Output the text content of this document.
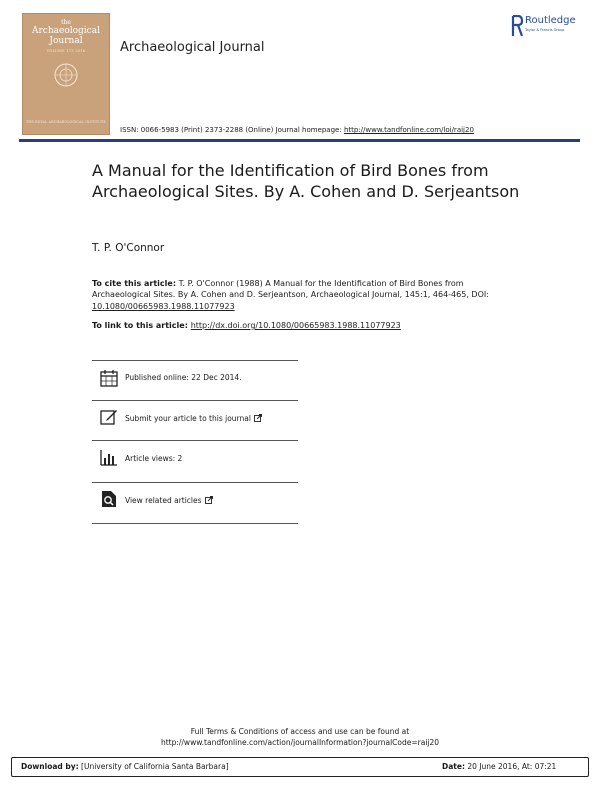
the
Archaeological
Journal
VOLUME 173 2016
THE ROYAL ARCHAEOLOGICAL INSTITUTE
Archaeological Journal
Routledge
Taylor & Francis Group
ISSN: 0066-5983 (Print) 2373-2288 (Online) Journal homepage: http://www.tandfonline.com/loi/raij20
A Manual for the Identification of Bird Bones from Archaeological Sites. By A. Cohen and D. Serjeantson
T. P. O'Connor
To cite this article: T. P. O'Connor (1988) A Manual for the Identification of Bird Bones from Archaeological Sites. By A. Cohen and D. Serjeantson, Archaeological Journal, 145:1, 464-465, DOI: 10.1080/00665983.1988.11077923
To link to this article: http://dx.doi.org/10.1080/00665983.1988.11077923
Published online: 22 Dec 2014.
Submit your article to this journal
Article views: 2
View related articles
Full Terms & Conditions of access and use can be found at
http://www.tandfonline.com/action/journalInformation?journalCode=raij20
Download by: [University of California Santa Barbara]	Date: 20 June 2016, At: 07:21
